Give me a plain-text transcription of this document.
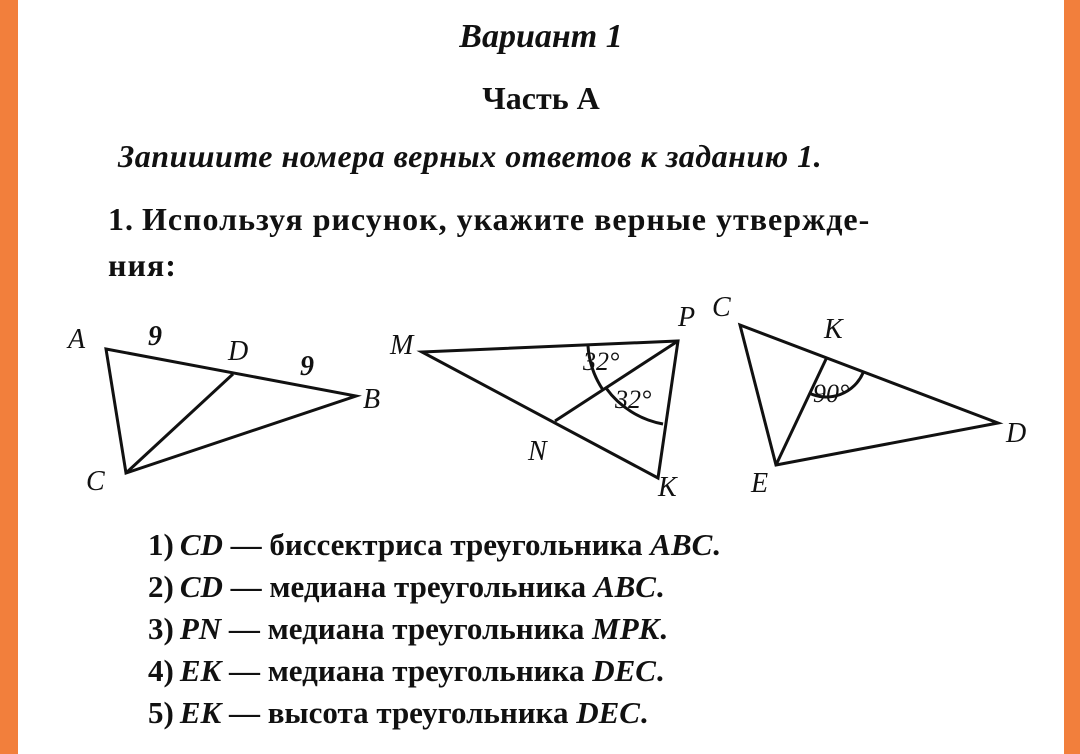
Вариант 1
Часть А
Запишите номера верных ответов к заданию 1.
1. Используя рисунок, укажите верные утвержде-
ния:
A	D
B
C
9
9
M
P
N
K
32°
32°
C
K
D
E
90°
1) CD — биссектриса треугольника ABC.
2) CD — медиана треугольника ABC.
3) PN — медиана треугольника MPK.
4) EK — медиана треугольника DEC.
5) EK — высота треугольника DEC.
